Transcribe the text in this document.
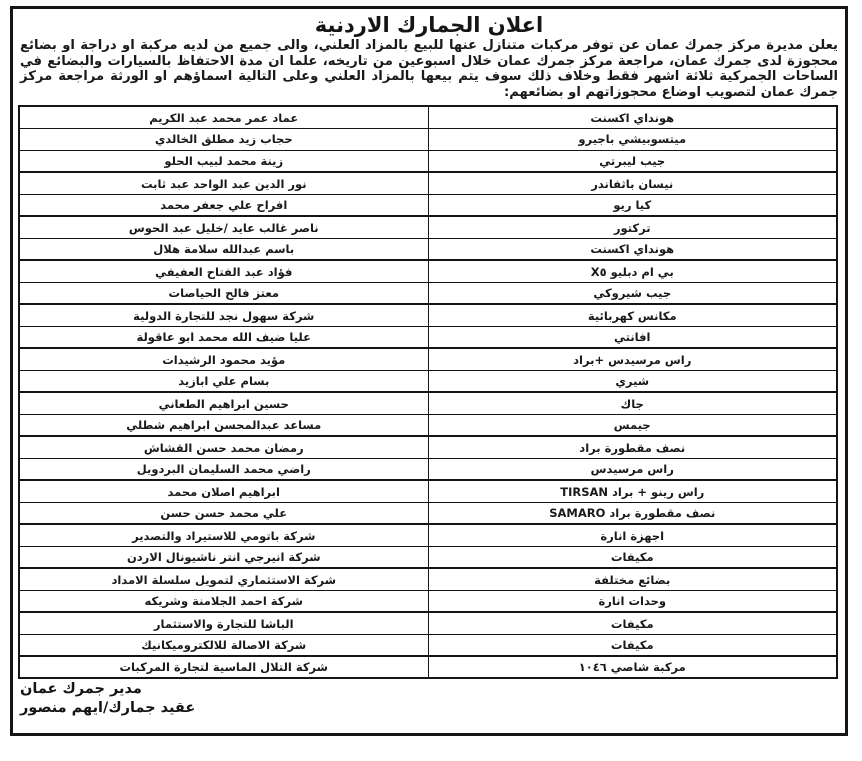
اعلان الجمارك الاردنية

يعلن مديرة مركز جمرك عمان عن توفر مركبات متنازل عنها للبيع بالمزاد العلني، والى جميع من لديه مركبة او دراجة او بضائع محجوزة لدى جمرك عمان، مراجعة مركز جمرك عمان خلال اسبوعين من تاريخه، علما ان مدة الاحتفاظ بالسيارات والبضائع في الساحات الجمركية ثلاثة اشهر فقط وخلاف ذلك سوف يتم بيعها بالمزاد العلني وعلى التالية اسماؤهم او الورثة مراجعة مركز جمرك عمان لتصويب اوضاع محجوزاتهم او بضائعهم:

هونداي اكسنت	عماد عمر محمد عبد الكريم
ميتسوبيشي باجيرو	حجاب زيد مطلق الخالدي
جيب ليبرتي	زينة محمد لبيب الحلو
نيسان باثفاندر	نور الدين عبد الواحد عبد ثابت
كيا ريو	افراح علي جعفر محمد
تركتور	ناصر غالب عايد /خليل عبد الحوس
هونداي اكسنت	باسم عبدالله سلامة هلال
بي ام دبليو X٥	فؤاد عبد الفتاح العفيفي
جيب شيروكي	معتز فالح الحياصات
مكانس كهربائية	شركة سهول نجد للتجارة الدولية
افانتي	عليا ضيف الله محمد ابو عاقولة
راس مرسيدس +براد	مؤيد محمود الرشيدات
شيري	بسام علي ابازيد
جاك	حسين ابراهيم الطعاني
جيمس	مساعد عبدالمحسن ابراهيم شطلي
نصف مقطورة براد	رمضان محمد حسن القشاش
راس مرسيدس	راضي محمد السليمان البردويل
راس رينو + براد TIRSAN	ابراهيم اصلان محمد
نصف مقطورة براد SAMARO	علي محمد حسن حسن
اجهزة انارة	شركة باتومي للاستيراد والتصدير
مكيفات	شركة انيرجي انتر ناشيونال الاردن
بضائع مختلفة	شركة الاستثماري لتمويل سلسلة الامداد
وحدات انارة	شركة احمد الجلامنة وشريكه
مكيفات	الباشا للتجارة والاستثمار
مكيفات	شركة الاصالة للالكتروميكانيك
مركبة شاصي ١٠٤٦	شركة التلال الماسية لتجارة المركبات
مدير جمرك عمان
عقيد جمارك/ايهم منصور
